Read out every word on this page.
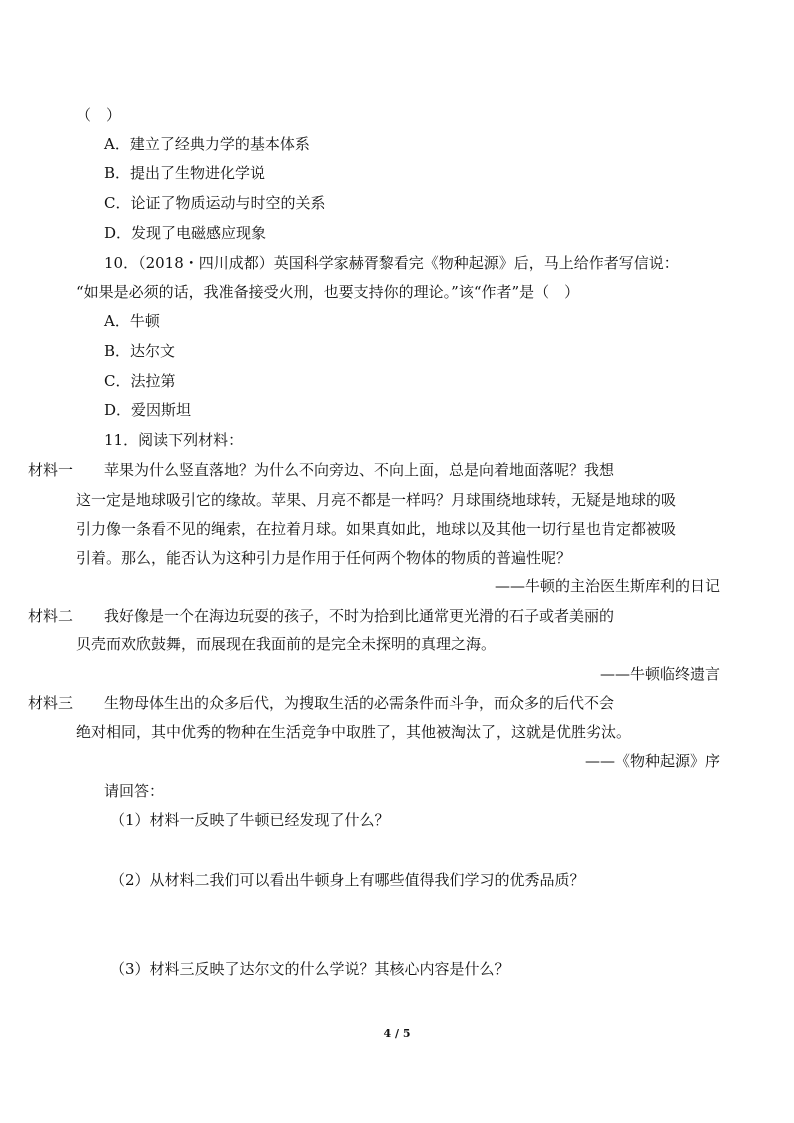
（　）
A．建立了经典力学的基本体系
B．提出了生物进化学说
C．论证了物质运动与时空的关系
D．发现了电磁感应现象
10．（2018・四川成都）英国科学家赫胥黎看完《物种起源》后，马上给作者写信说：
“如果是必须的话，我准备接受火刑，也要支持你的理论。”该“作者”是（　）
A．牛顿
B．达尔文
C．法拉第
D．爱因斯坦
11．阅读下列材料：
材料一 苹果为什么竖直落地？为什么不向旁边、不向上面，总是向着地面落呢？我想
这一定是地球吸引它的缘故。苹果、月亮不都是一样吗？月球围绕地球转，无疑是地球的吸
引力像一条看不见的绳索，在拉着月球。如果真如此，地球以及其他一切行星也肯定都被吸
引着。那么，能否认为这种引力是作用于任何两个物体的物质的普遍性呢？
——牛顿的主治医生斯库利的日记
材料二 我好像是一个在海边玩耍的孩子，不时为拾到比通常更光滑的石子或者美丽的
贝壳而欢欣鼓舞，而展现在我面前的是完全未探明的真理之海。
——牛顿临终遗言
材料三 生物母体生出的众多后代，为搜取生活的必需条件而斗争，而众多的后代不会
绝对相同，其中优秀的物种在生活竞争中取胜了，其他被淘汰了，这就是优胜劣汰。
——《物种起源》序
请回答：
（1）材料一反映了牛顿已经发现了什么？
（2）从材料二我们可以看出牛顿身上有哪些值得我们学习的优秀品质？
（3）材料三反映了达尔文的什么学说？其核心内容是什么？
4 / 5
